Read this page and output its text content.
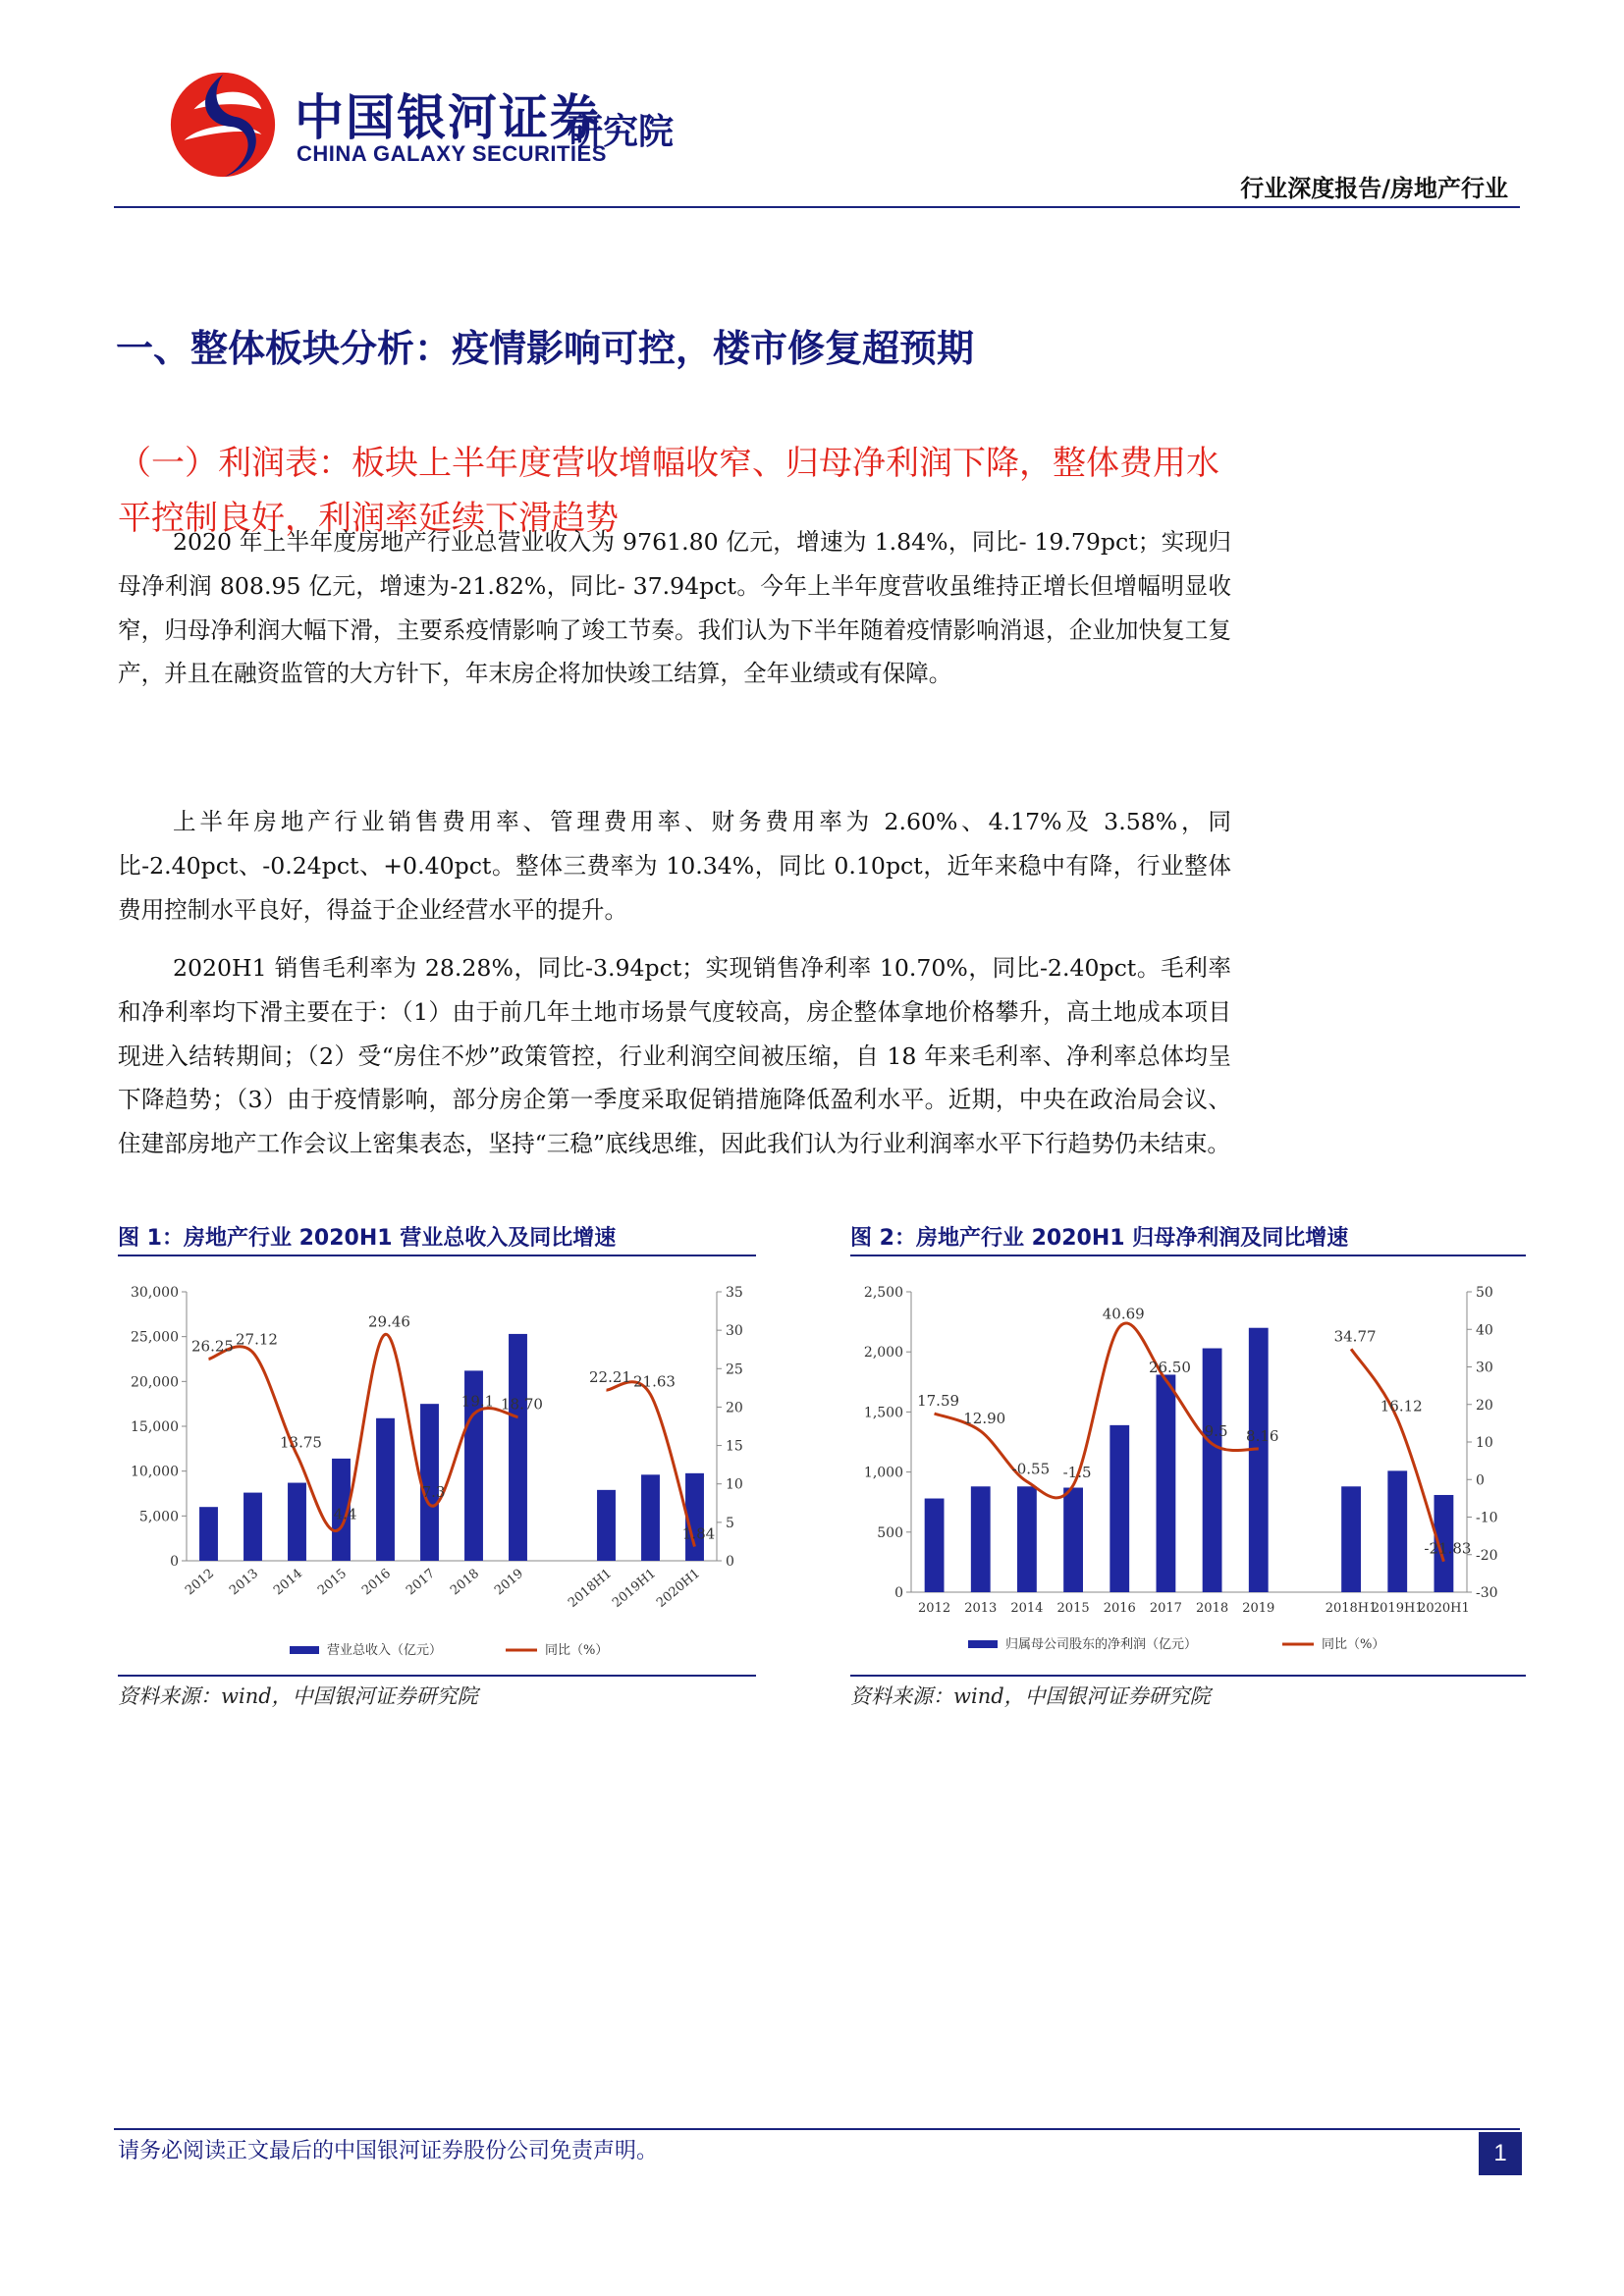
中国银河证券
CHINA GALAXY SECURITIES
研究院
行业深度报告/房地产行业
一、整体板块分析：疫情影响可控，楼市修复超预期
（一）利润表：板块上半年度营收增幅收窄、归母净利润下降，整体费用水平控制良好，利润率延续下滑趋势

2020 年上半年度房地产行业总营业收入为 9761.80 亿元，增速为 1.84%，同比- 19.79pct；实现归母净利润 808.95 亿元，增速为-21.82%，同比- 37.94pct。今年上半年度营收虽维持正增长但增幅明显收窄，归母净利润大幅下滑，主要系疫情影响了竣工节奏。我们认为下半年随着疫情影响消退，企业加快复工复产，并且在融资监管的大方针下，年末房企将加快竣工结算，全年业绩或有保障。

上半年房地产行业销售费用率、管理费用率、财务费用率为 2.60%、4.17%及 3.58%，同比-2.40pct、-0.24pct、+0.40pct。整体三费率为 10.34%，同比 0.10pct，近年来稳中有降，行业整体费用控制水平良好，得益于企业经营水平的提升。

2020H1 销售毛利率为 28.28%，同比-3.94pct；实现销售净利率 10.70%，同比-2.40pct。毛利率和净利率均下滑主要在于：（1）由于前几年土地市场景气度较高，房企整体拿地价格攀升，高土地成本项目现进入结转期间；（2）受“房住不炒”政策管控，行业利润空间被压缩，自 18 年来毛利率、净利率总体均呈下降趋势；（3）由于疫情影响，部分房企第一季度采取促销措施降低盈利水平。近期，中央在政治局会议、住建部房地产工作会议上密集表态，坚持“三稳”底线思维，因此我们认为行业利润率水平下行趋势仍未结束。

图 1：房地产行业 2020H1 营业总收入及同比增速
0
5,000
10,000
15,000
20,000
25,000
30,000
0
5
10
15
20
25
30
35
2012 2013 2014 2015 2016 2017 2018 2019	2018H1
2019H1
2020H1
26.25 27.12
13.75
4.4
29.46
7.3
19.1 18.70
22.21 21.63
1.84
营业总收入（亿元）	同比（%）
资料来源：wind，中国银河证券研究院
图 2：房地产行业 2020H1 归母净利润及同比增速
0
500
1,000
1,500
2,000
2,500
-30
-20
-10
0
10
20
30
40
50
2012 2013 2014 2015 2016 2017 2018 2019	2018H1
2019H1
2020H1
17.59
12.90
-0.55 -1.5
40.69
26.50
9.5 8.16
34.77
16.12
-21.83
归属母公司股东的净利润（亿元）	同比（%）
资料来源：wind，中国银河证券研究院
请务必阅读正文最后的中国银河证券股份公司免责声明。	1
